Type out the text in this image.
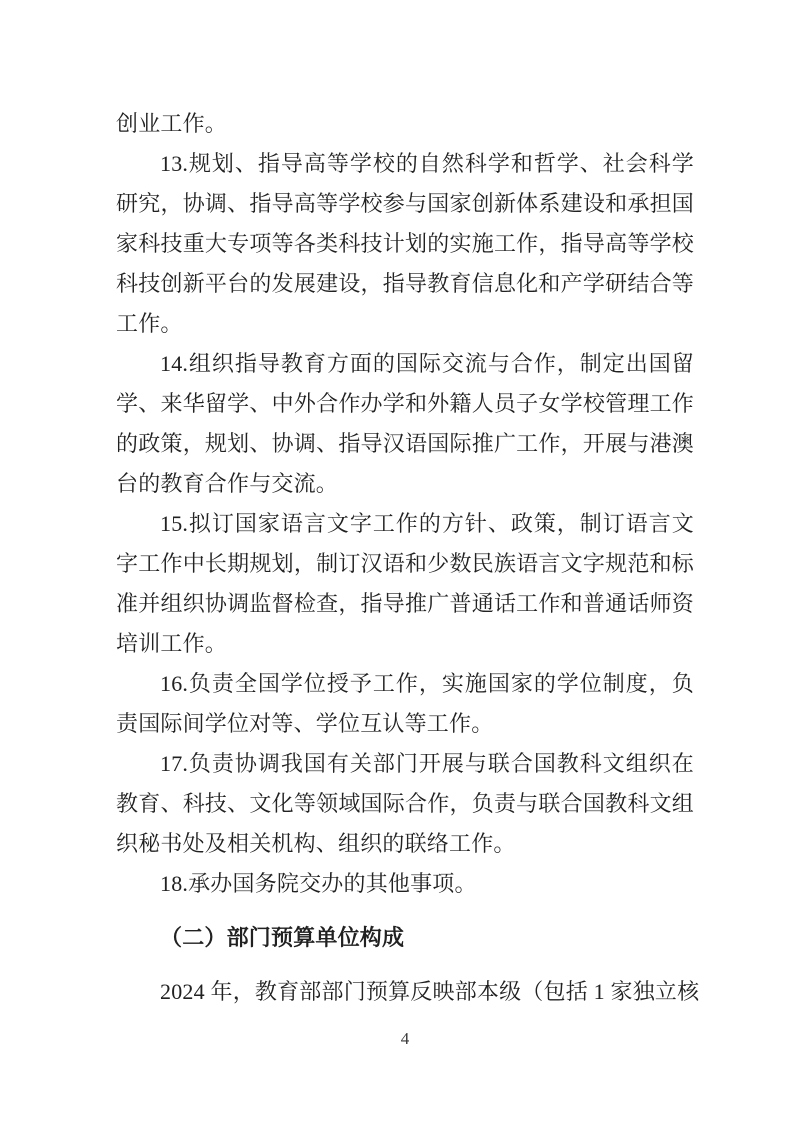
创业工作。

13.规划、指导高等学校的自然科学和哲学、社会科学研究，协调、指导高等学校参与国家创新体系建设和承担国家科技重大专项等各类科技计划的实施工作，指导高等学校科技创新平台的发展建设，指导教育信息化和产学研结合等工作。

14.组织指导教育方面的国际交流与合作，制定出国留学、来华留学、中外合作办学和外籍人员子女学校管理工作的政策，规划、协调、指导汉语国际推广工作，开展与港澳台的教育合作与交流。

15.拟订国家语言文字工作的方针、政策，制订语言文字工作中长期规划，制订汉语和少数民族语言文字规范和标准并组织协调监督检查，指导推广普通话工作和普通话师资培训工作。

16.负责全国学位授予工作，实施国家的学位制度，负责国际间学位对等、学位互认等工作。

17.负责协调我国有关部门开展与联合国教科文组织在教育、科技、文化等领域国际合作，负责与联合国教科文组织秘书处及相关机构、组织的联络工作。

18.承办国务院交办的其他事项。

（二）部门预算单位构成

2024 年，教育部部门预算反映部本级（包括 1 家独立核

4
